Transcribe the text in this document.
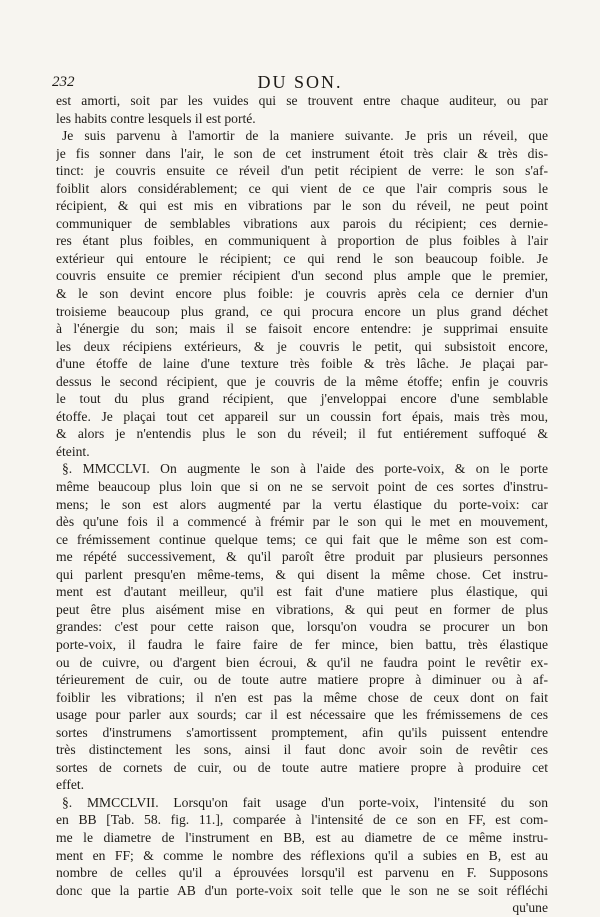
232	DU SON.
est amorti, soit par les vuides qui se trouvent entre chaque auditeur, ou par
les habits contre lesquels il est porté.
Je suis parvenu à l'amortir de la maniere suivante. Je pris un réveil, que
je fis sonner dans l'air, le son de cet instrument étoit très clair & très dis-
tinct: je couvris ensuite ce réveil d'un petit récipient de verre: le son s'af-
foiblit alors considérablement; ce qui vient de ce que l'air compris sous le
récipient, & qui est mis en vibrations par le son du réveil, ne peut point
communiquer de semblables vibrations aux parois du récipient; ces dernie-
res étant plus foibles, en communiquent à proportion de plus foibles à l'air
extérieur qui entoure le récipient; ce qui rend le son beaucoup foible. Je
couvris ensuite ce premier récipient d'un second plus ample que le premier,
& le son devint encore plus foible: je couvris après cela ce dernier d'un
troisieme beaucoup plus grand, ce qui procura encore un plus grand déchet
à l'énergie du son; mais il se faisoit encore entendre: je supprimai ensuite
les deux récipiens extérieurs, & je couvris le petit, qui subsistoit encore,
d'une étoffe de laine d'une texture très foible & très lâche. Je plaçai par-
dessus le second récipient, que je couvris de la même étoffe; enfin je couvris
le tout du plus grand récipient, que j'enveloppai encore d'une semblable
étoffe. Je plaçai tout cet appareil sur un coussin fort épais, mais très mou,
& alors je n'entendis plus le son du réveil; il fut entiérement suffoqué &
éteint.
§. MMCCLVI. On augmente le son à l'aide des porte-voix, & on le porte
même beaucoup plus loin que si on ne se servoit point de ces sortes d'instru-
mens; le son est alors augmenté par la vertu élastique du porte-voix: car
dès qu'une fois il a commencé à frémir par le son qui le met en mouvement,
ce frémissement continue quelque tems; ce qui fait que le même son est com-
me répété successivement, & qu'il paroît être produit par plusieurs personnes
qui parlent presqu'en même-tems, & qui disent la même chose. Cet instru-
ment est d'autant meilleur, qu'il est fait d'une matiere plus élastique, qui
peut être plus aisément mise en vibrations, & qui peut en former de plus
grandes: c'est pour cette raison que, lorsqu'on voudra se procurer un bon
porte-voix, il faudra le faire faire de fer mince, bien battu, très élastique
ou de cuivre, ou d'argent bien écroui, & qu'il ne faudra point le revêtir ex-
térieurement de cuir, ou de toute autre matiere propre à diminuer ou à af-
foiblir les vibrations; il n'en est pas la même chose de ceux dont on fait
usage pour parler aux sourds; car il est nécessaire que les frémissemens de ces
sortes d'instrumens s'amortissent promptement, afin qu'ils puissent entendre
très distinctement les sons, ainsi il faut donc avoir soin de revêtir ces
sortes de cornets de cuir, ou de toute autre matiere propre à produire cet
effet.
§. MMCCLVII. Lorsqu'on fait usage d'un porte-voix, l'intensité du son
en BB [Tab. 58. fig. 11.], comparée à l'intensité de ce son en FF, est com-
me le diametre de l'instrument en BB, est au diametre de ce même instru-
ment en FF; & comme le nombre des réflexions qu'il a subies en B, est au
nombre de celles qu'il a éprouvées lorsqu'il est parvenu en F. Supposons
donc que la partie AB d'un porte-voix soit telle que le son ne se soit réfléchi
qu'une
